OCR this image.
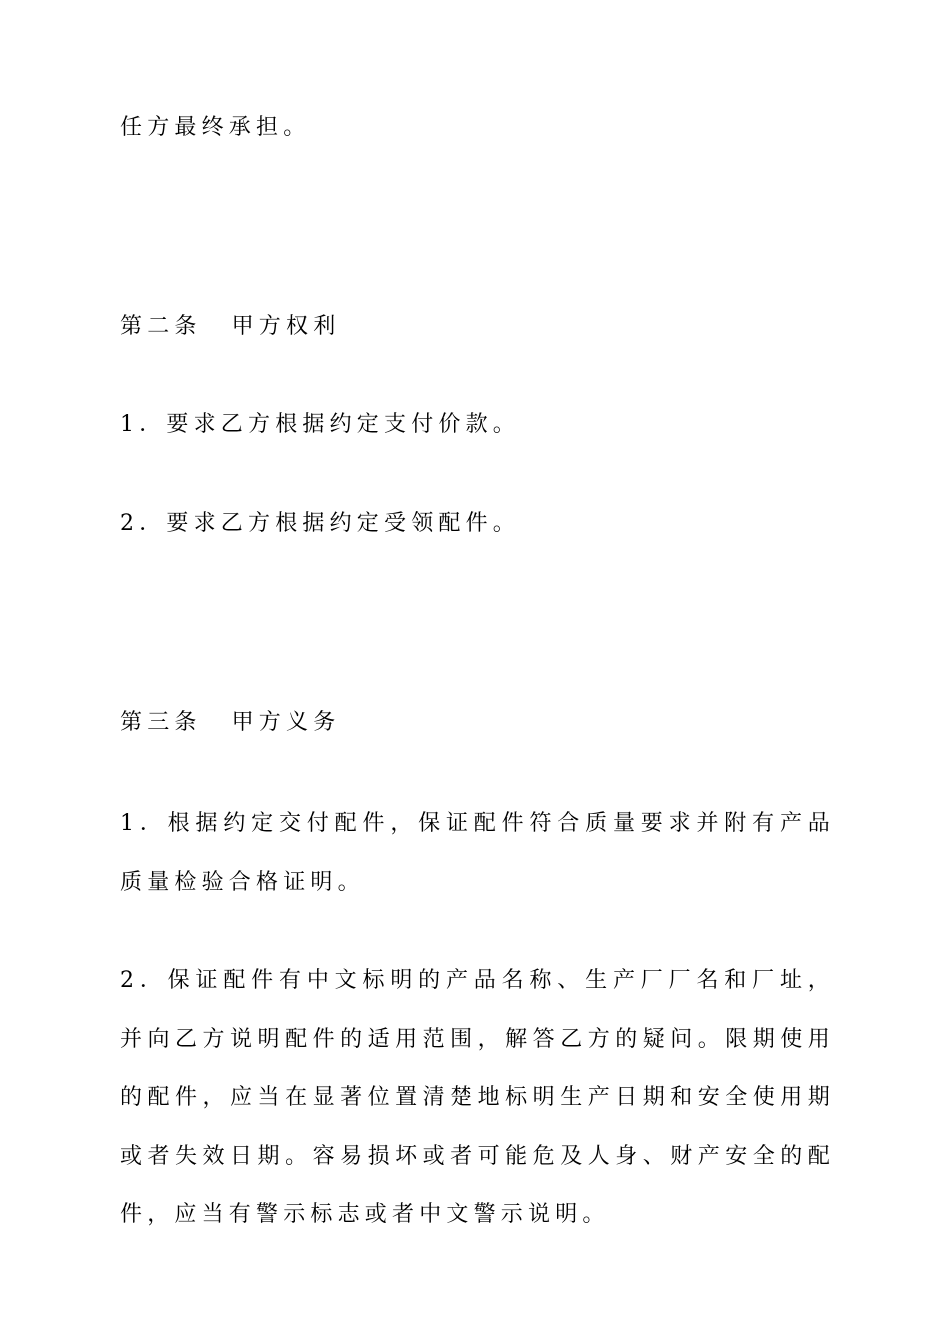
任方最终承担。
第二条 甲方权利
1．要求乙方根据约定支付价款。
2．要求乙方根据约定受领配件。
第三条 甲方义务
1．根据约定交付配件，保证配件符合质量要求并附有产品质量检验合格证明。
2．保证配件有中文标明的产品名称、生产厂厂名和厂址，并向乙方说明配件的适用范围，解答乙方的疑问。限期使用的配件，应当在显著位置清楚地标明生产日期和安全使用期或者失效日期。容易损坏或者可能危及人身、财产安全的配件，应当有警示标志或者中文警示说明。
